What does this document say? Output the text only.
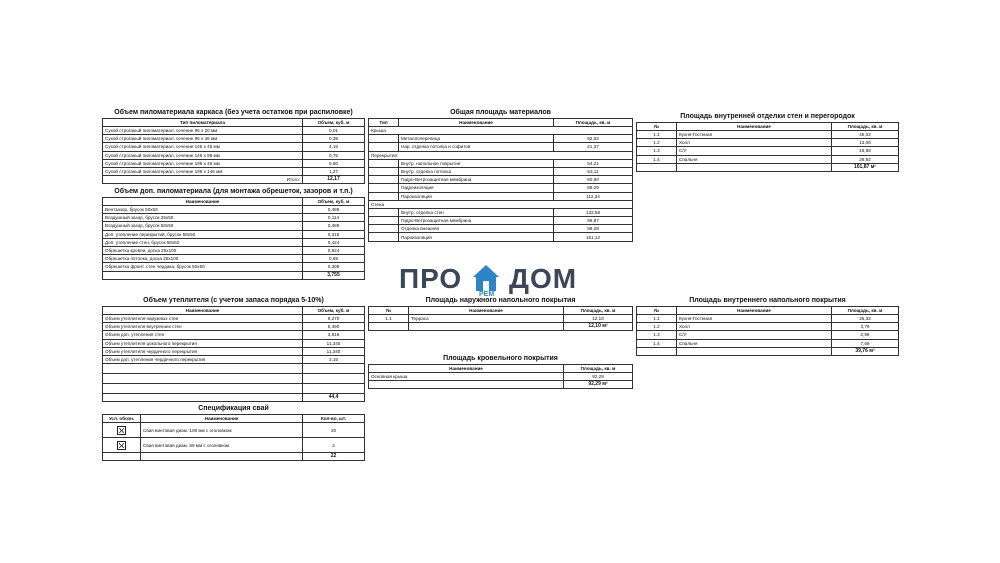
Объем пиломатериала каркаса (без учета остатков при распиловке)
Тип пиломатериала	Объем, куб. м
Сухой строганый пиломатериал, сечение 96 х 20 мм	0,01
Сухой строганый пиломатериал, сечение 96 х 46 мм	0,39
Сухой строганый пиломатериал, сечение 146 х 46 мм	4,15
Сухой строганый пиломатериал, сечение 146 х 96 мм	0,75
Сухой строганый пиломатериал, сечение 196 х 46 мм	5,60
Сухой строганый пиломатериал, сечение 196 х 146 мм	1,27
Итого:	12,17
Объем доп. пиломатериала (для монтажа обрешеток, зазоров и т.п.)
Наименование	Объем, куб. м
Вентзазор, брусок 50х50	0,488
Воздушный зазор, брусок 25х50	0,114
Воздушный зазор, брусок 50х50	0,489
Доп. утепление перекрытий, брусок 50х50	0,315
Доп. утепление стен, брусок 50х50	0,424
Обрешетка кровли, доска 25х100	0,924
Обрешетка потолка, доска 25х100	0,69
Обрешетка фронт. стен чердака, брусок 50х50	0,308
	3,755
Объем утеплителя (с учетом запаса порядка 5-10%)
Наименование	Объем, куб. м
Объем утеплителя наружных стен	9,270
Объем утеплителя внутренних стен	5,490
Объем доп. утепления стен	3,816
Объем утеплителя цокольного перекрытия	11,340
Объем утеплителя чердачного перекрытия	11,340
Объем доп. утепления чердачного перекрытия	3,15

	44,4
Спецификация свай
Усл. обозн.	Наименование	Кол-во, шт.
	Свая винтовая диам. 108 мм с оголовком	20
	Свая винтовая диам. 89 мм с оголовком	2
		22
Общая площадь материалов
Тип	Наименование	Площадь, кв. м
Крыша		
	Металлочерепица	92,62
	Нар. отделка потолка и софитов	21,37
Перекрытия		
	Внутр. напольное покрытие	54,21
	Внутр. отделка потолка	53,11
	Гидро-Ветрозащитная мембрана	60,90
	Гидроизоляция	58,29
	Пароизоляция	112,34
Стена		
	Внутр. отделка стен	132,58
	Гидро-Ветрозащитная мембрана	96,97
	Отделка внешняя	98,28
	Пароизоляция	151,12
ПРО
РЕМ
ДОМ
Площадь наружного напольного покрытия
№	Наименование	Площадь, кв. м
1.1	Терраса	12,10
		12,10 м²
Площадь кровельного покрытия
Наименование	Площадь, кв. м
Основная крыша	92,29
	92,29 м²
Площадь внутренней отделки стен и перегородок
№	Наименование	Площадь, кв. м
1.1	Кухня-Гостиная	45,02
1.2	Холл	13,06
1.3	С/У	16,88
1.4	Спальня	26,92
		101,87 м²
Площадь внутреннего напольного покрытия
№	Наименование	Площадь, кв. м
1.1	Кухня-Гостиная	25,32
1.2	Холл	3,79
1.3	С/У	2,96
1.4	Спальня	7,69
		39,76 м²
